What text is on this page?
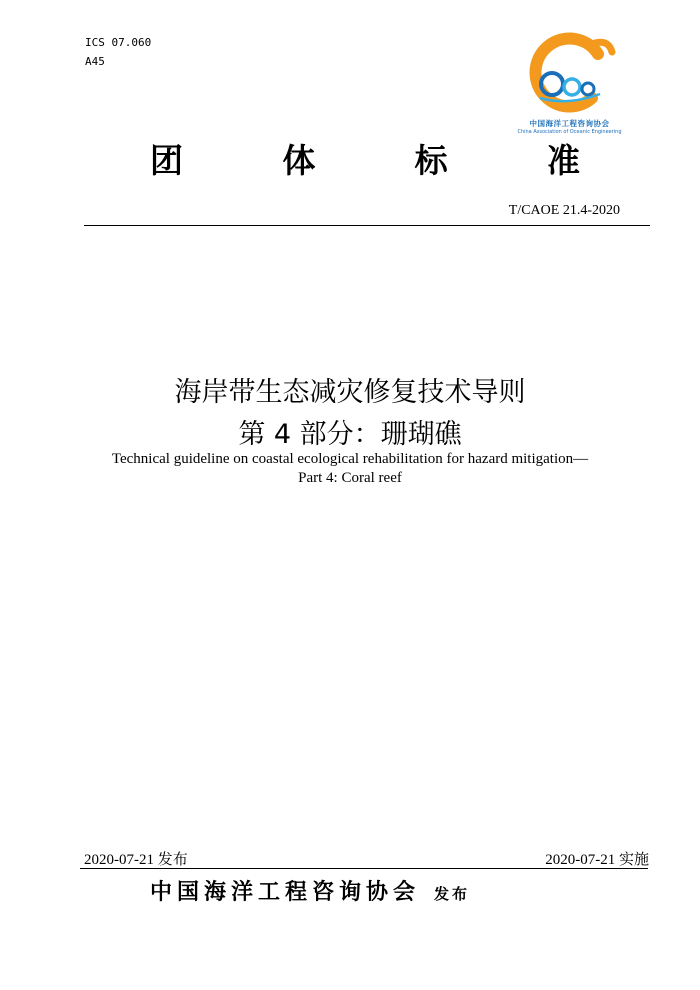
ICS 07.060
A45
中国海洋工程咨询协会
China Association of Oceanic Engineering
团	体	标	准
T/CAOE 21.4-2020
海岸带生态减灾修复技术导则
第 4 部分：珊瑚礁
Technical guideline on coastal ecological rehabilitation for hazard mitigation—
Part 4: Coral reef
2020-07-21 发布	2020-07-21 实施
中国海洋工程咨询协会 发布
